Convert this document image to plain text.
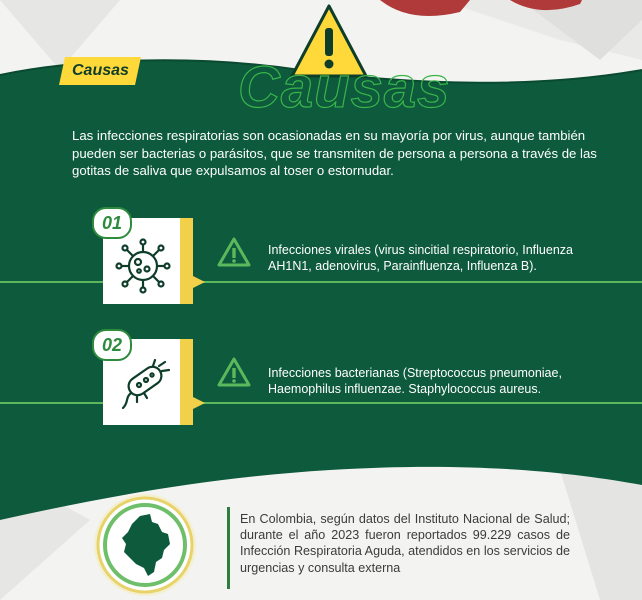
Causas Causas
Las infecciones respiratorias son ocasionadas en su mayoría por virus, aunque también pueden ser bacterias o parásitos, que se transmiten de persona a persona a través de las gotitas de saliva que expulsamos al toser o estornudar.
01
Infecciones virales (virus sincitial respiratorio, Influenza AH1N1, adenovirus, Parainfluenza, Influenza B).
02
Infecciones bacterianas (Streptococcus pneumoniae, Haemophilus influenzae. Staphylococcus aureus.
En Colombia, según datos del Instituto Nacional de Salud; durante el año 2023 fueron reportados 99.229 casos de Infección Respiratoria Aguda, atendidos en los servicios de urgencias y consulta externa
